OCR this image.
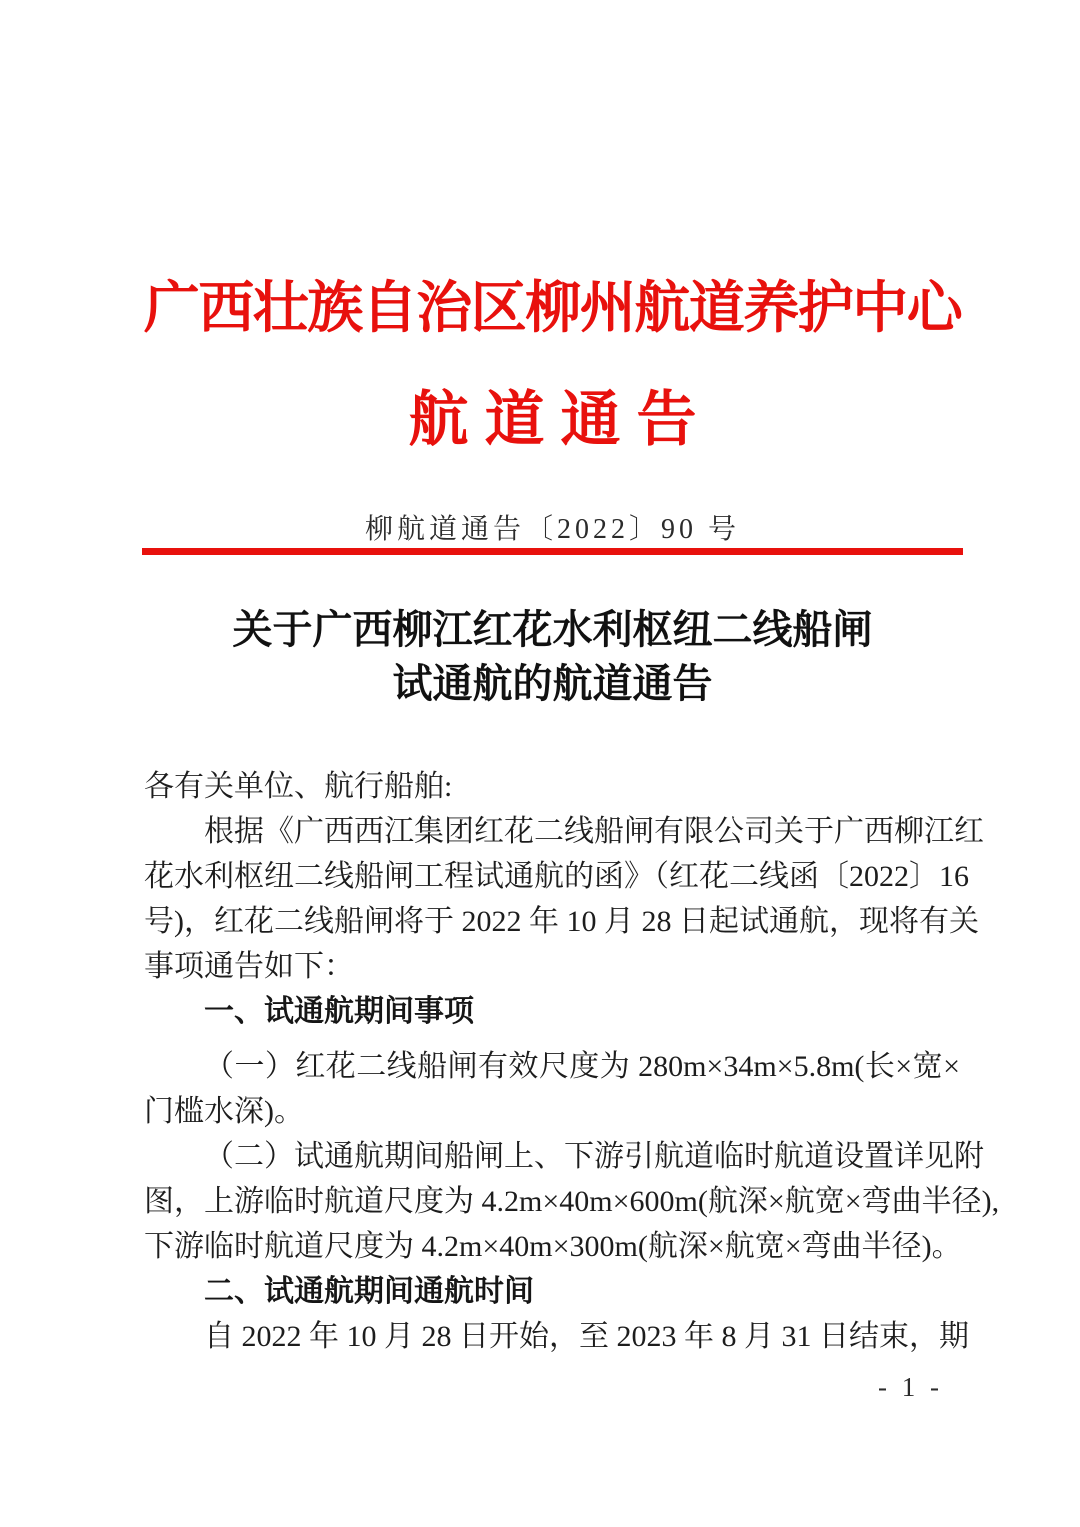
广西壮族自治区柳州航道养护中心
航道通告
柳航道通告〔2022〕90 号
关于广西柳江红花水利枢纽二线船闸
试通航的航道通告
各有关单位、航行船舶:
根据《广西西江集团红花二线船闸有限公司关于广西柳江红
花水利枢纽二线船闸工程试通航的函》（红花二线函〔2022〕16
号)，红花二线船闸将于 2022 年 10 月 28 日起试通航，现将有关
事项通告如下：
一、试通航期间事项
（一）红花二线船闸有效尺度为 280m×34m×5.8m(长×宽×
门槛水深)。
（二）试通航期间船闸上、下游引航道临时航道设置详见附
图，上游临时航道尺度为 4.2m×40m×600m(航深×航宽×弯曲半径),
下游临时航道尺度为 4.2m×40m×300m(航深×航宽×弯曲半径)。
二、试通航期间通航时间
自 2022 年 10 月 28 日开始，至 2023 年 8 月 31 日结束，期
- 1 -
